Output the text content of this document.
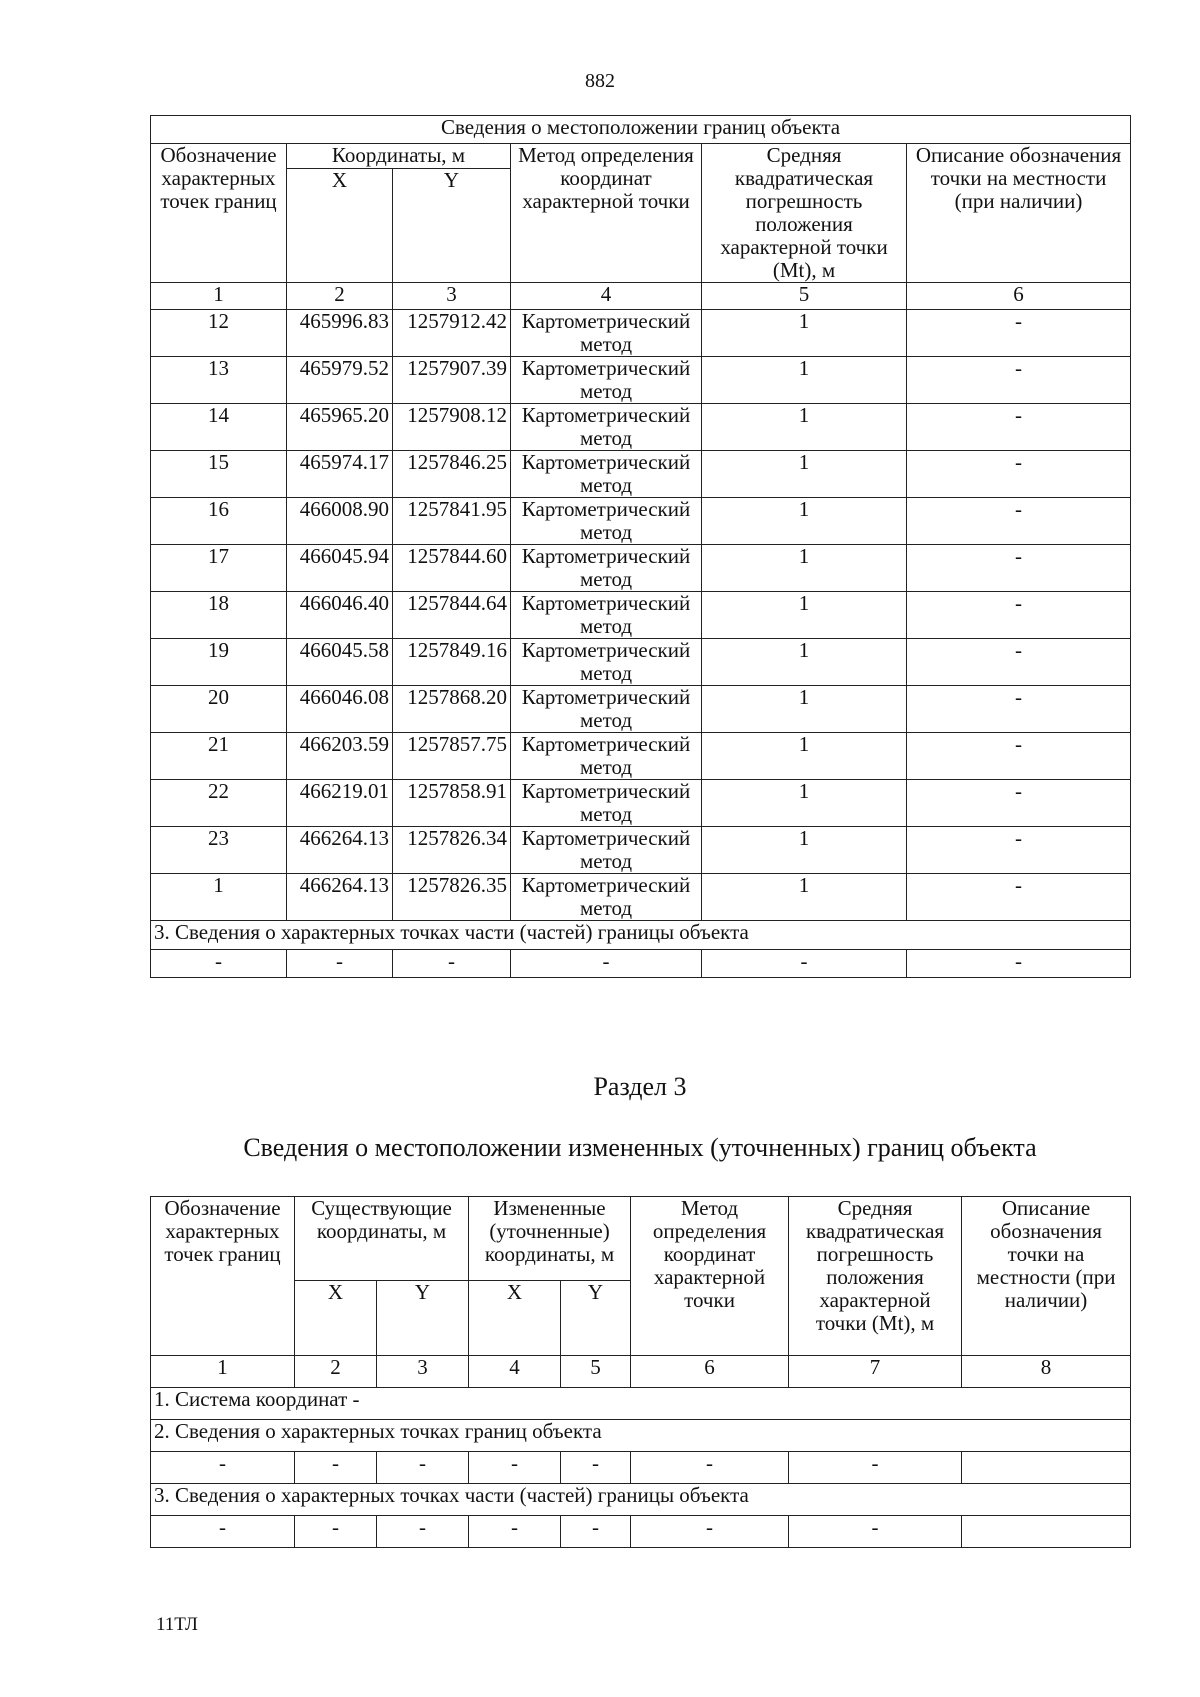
882
Сведения о местоположении границ объекта					
Обозначение характерных точек границ	Координаты, м		Метод определения координат характерной точки	Средняя квадратическая погрешность положения характерной точки (Mt), м	Описание обозначения точки на местности (при наличии)
	X	Y			
1	2	3	4	5	6
12	465996.83	1257912.42	Картометрический метод	1	-
13	465979.52	1257907.39	Картометрический метод	1	-
14	465965.20	1257908.12	Картометрический метод	1	-
15	465974.17	1257846.25	Картометрический метод	1	-
16	466008.90	1257841.95	Картометрический метод	1	-
17	466045.94	1257844.60	Картометрический метод	1	-
18	466046.40	1257844.64	Картометрический метод	1	-
19	466045.58	1257849.16	Картометрический метод	1	-
20	466046.08	1257868.20	Картометрический метод	1	-
21	466203.59	1257857.75	Картометрический метод	1	-
22	466219.01	1257858.91	Картометрический метод	1	-
23	466264.13	1257826.34	Картометрический метод	1	-
1	466264.13	1257826.35	Картометрический метод	1	-
3. Сведения о характерных точках части (частей) границы объекта					
-	-	-	-	-	-
Раздел 3
Сведения о местоположении измененных (уточненных) границ объекта
Обозначение характерных точек границ	Существующие координаты, м		Измененные (уточненные) координаты, м		Метод определения координат характерной точки	Средняя квадратическая погрешность положения характерной точки (Mt), м	Описание обозначения точки на местности (при наличии)
	X	Y	X	Y			
1	2	3	4	5	6	7	8
1. Система координат -							
2. Сведения о характерных точках границ объекта							
-	-	-	-	-	-	-	
3. Сведения о характерных точках части (частей) границы объекта							
-	-	-	-	-	-	-	
11ТЛ
